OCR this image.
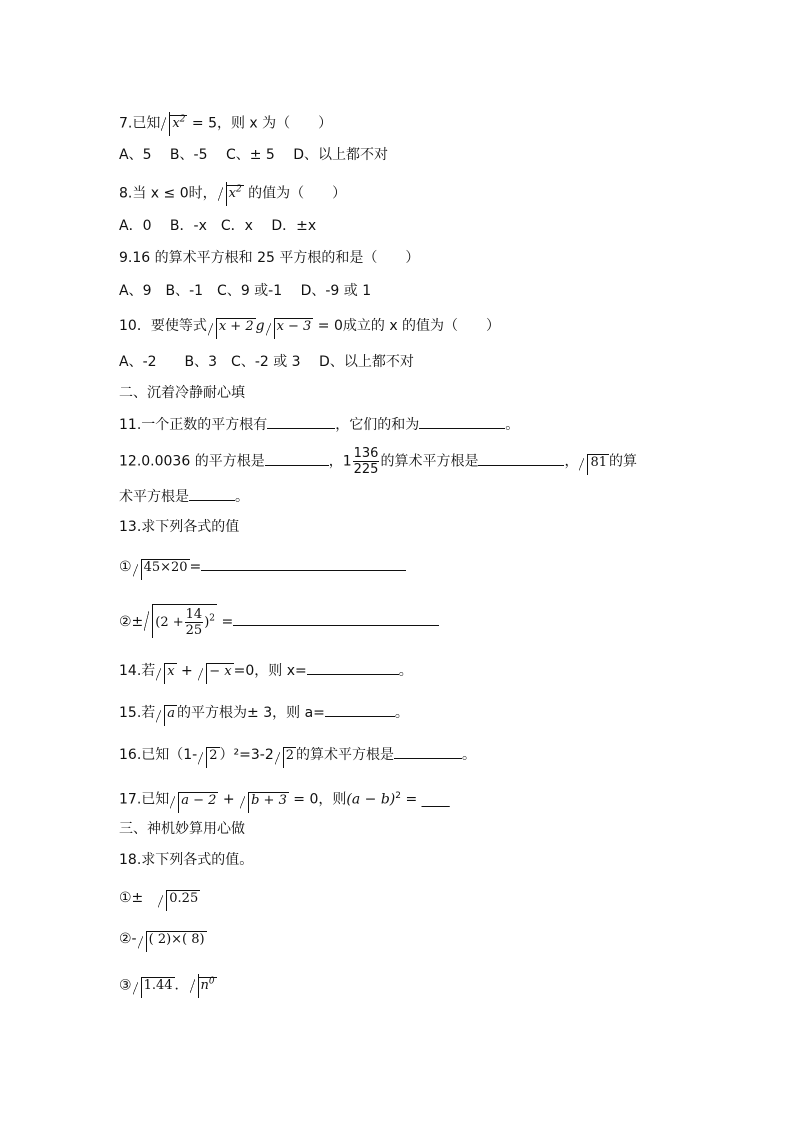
7.已知 $x^2 = 5$，则 x 为（　　）
A、5　 B、-5　 C、± 5　 D、以上都不对
8.当 x ≤ 0时， $x^2$ 的值为（　　）
A．0　 B．-x　C．x　 D．±x
9.16 的算术平方根和 25 平方根的和是（　　）
A、9　B、-1　C、9 或-1　 D、-9 或 1
10．要使等式 x + 2 g x − 3 = 0成立的 x 的值为（　　）
A、-2　　B、3　C、-2 或 3　 D、以上都不对
二、沉着冷静耐心填
11.一个正数的平方根有	，它们的和为	。
12.0.0036 的平方根是	，$1 \frac{136}{225}$ 的算术平方根是	， 81 的算
术平方根是	。
13.求下列各式的值
① 45×20 =
②± $(2 + \frac{14}{25} )^2$ =
14.若 x + − x =0，则 x=	。
15.若 a 的平方根为± 3，则 a=	。
16.已知（1- 2 ）²=3-2 2 的算术平方根是	。
17.已知 a − 2 + b + 3 = 0，则$(a - b)^2$ = ____
三、神机妙算用心做
18.求下列各式的值。
①±　0.25
②- ( 2)×( 8)
③ 1.44 ． $n^0$
